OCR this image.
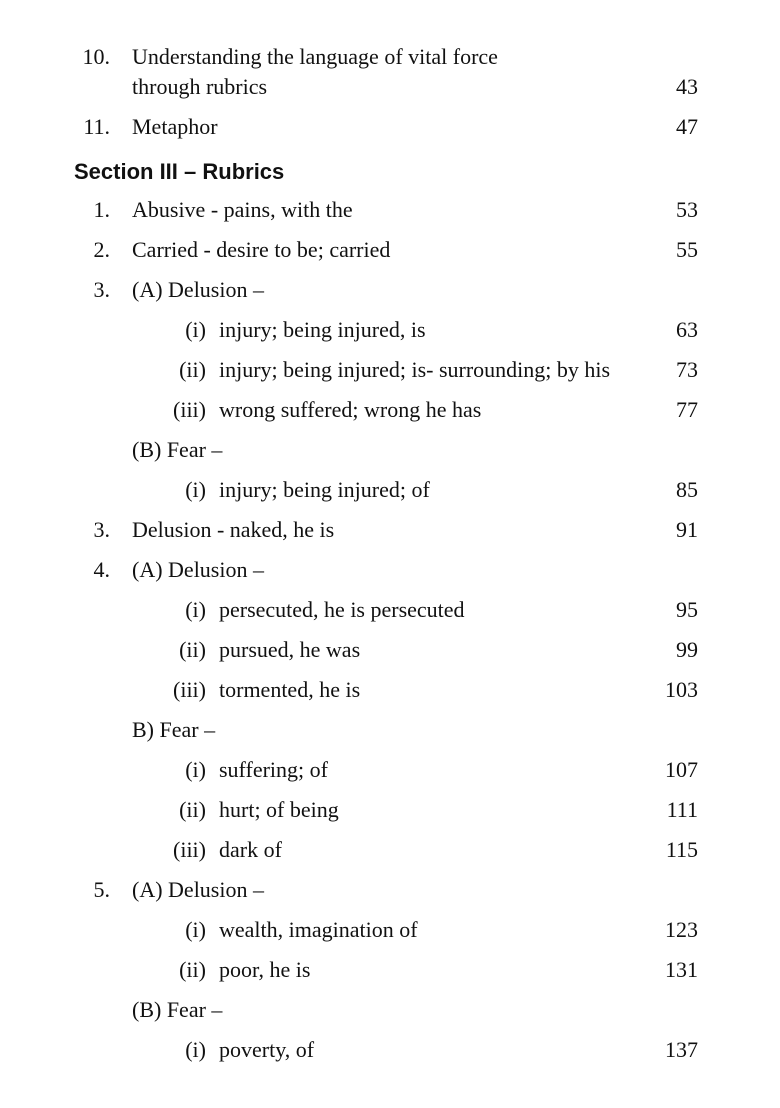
Section III – Rubrics
10. Understanding the language of vital force
through rubrics	43
11. Metaphor	47
1. Abusive - pains, with the	53
2. Carried - desire to be; carried	55
3. (A) Delusion –
(i) injury; being injured, is	63
(ii) injury; being injured; is- surrounding; by his	73
(iii) wrong suffered; wrong he has	77
(B) Fear –
(i) injury; being injured; of	85
3. Delusion - naked, he is	91
4. (A) Delusion –
(i) persecuted, he is persecuted	95
(ii) pursued, he was	99
(iii) tormented, he is	103
B) Fear –
(i) suffering; of	107
(ii) hurt; of being	111
(iii) dark of	115
5. (A) Delusion –
(i) wealth, imagination of	123
(ii) poor, he is	131
(B) Fear –
(i) poverty, of	137
